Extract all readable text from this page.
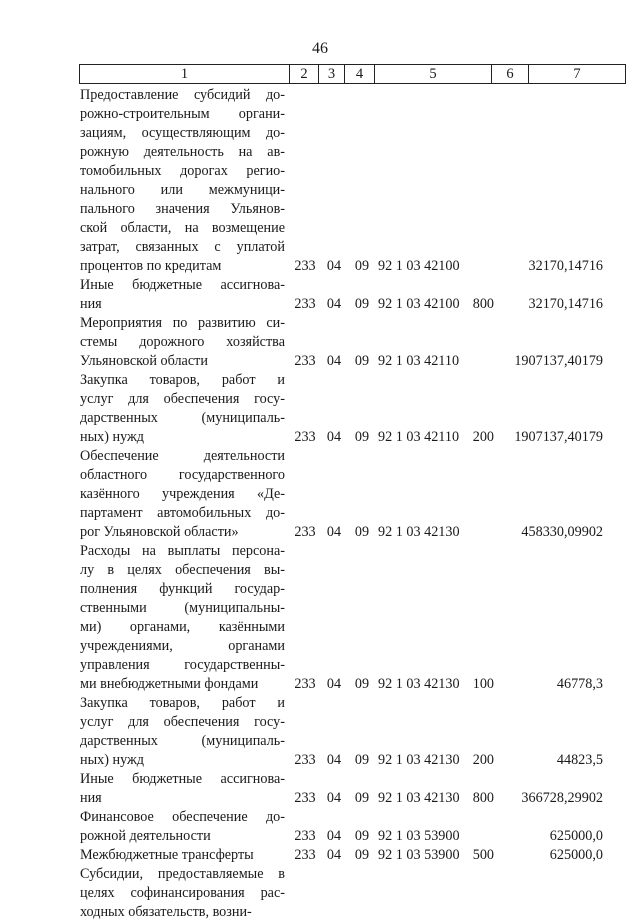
46
1	2	3	4	5	6	7
Предоставление субсидий до-
рожно-строительным органи-
зациям, осуществляющим до-
рожную деятельность на ав-
томобильных дорогах регио-
нального или межмуници-
пального значения Ульянов-
ской области, на возмещение
затрат, связанных с уплатой
процентов по кредитам	233 04 09 92 1 03 42100	32170,14716
Иные бюджетные ассигнова-
ния	233 04 09 92 1 03 42100 800	32170,14716
Мероприятия по развитию си-
стемы дорожного хозяйства
Ульяновской области	233 04 09 92 1 03 42110	1907137,40179
Закупка товаров, работ и
услуг для обеспечения госу-
дарственных (муниципаль-
ных) нужд	233 04 09 92 1 03 42110 200	1907137,40179
Обеспечение деятельности
областного государственного
казённого учреждения «Де-
партамент автомобильных до-
рог Ульяновской области»	233 04 09 92 1 03 42130	458330,09902
Расходы на выплаты персона-
лу в целях обеспечения вы-
полнения функций государ-
ственными (муниципальны-
ми) органами, казёнными
учреждениями, органами
управления государственны-
ми внебюджетными фондами	233 04 09 92 1 03 42130 100	46778,3
Закупка товаров, работ и
услуг для обеспечения госу-
дарственных (муниципаль-
ных) нужд	233 04 09 92 1 03 42130 200	44823,5
Иные бюджетные ассигнова-
ния	233 04 09 92 1 03 42130 800	366728,29902
Финансовое обеспечение до-
рожной деятельности	233 04 09 92 1 03 53900	625000,0
Межбюджетные трансферты	233 04 09 92 1 03 53900 500	625000,0
Субсидии, предоставляемые в
целях софинансирования рас-
ходных обязательств, возни-
